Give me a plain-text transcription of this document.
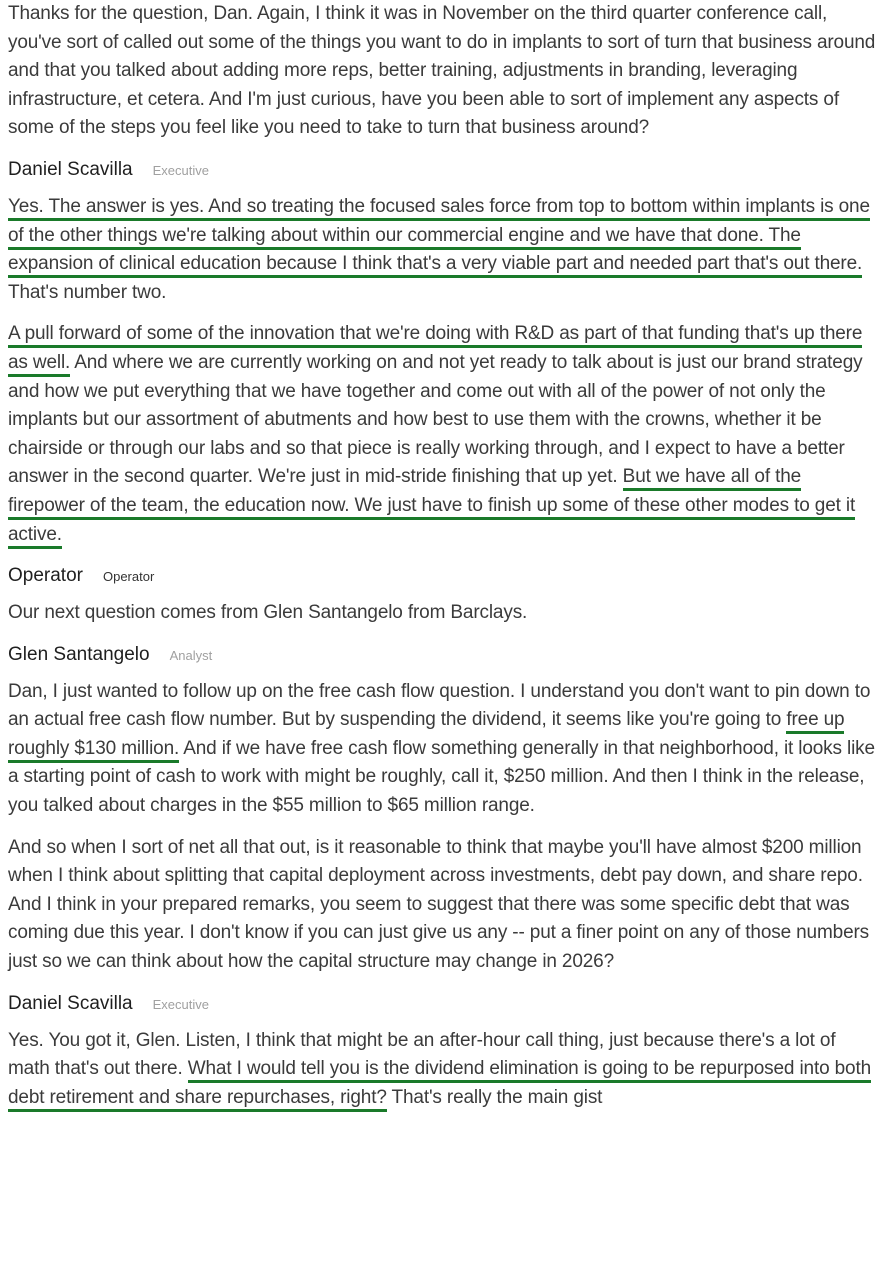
Thanks for the question, Dan. Again, I think it was in November on the third quarter conference call, you've sort of called out some of the things you want to do in implants to sort of turn that business around and that you talked about adding more reps, better training, adjustments in branding, leveraging infrastructure, et cetera. And I'm just curious, have you been able to sort of implement any aspects of some of the steps you feel like you need to take to turn that business around?

Daniel Scavilla Executive

Yes. The answer is yes. And so treating the focused sales force from top to bottom within implants is one of the other things we're talking about within our commercial engine and we have that done. The expansion of clinical education because I think that's a very viable part and needed part that's out there. That's number two.

A pull forward of some of the innovation that we're doing with R&D as part of that funding that's up there as well. And where we are currently working on and not yet ready to talk about is just our brand strategy and how we put everything that we have together and come out with all of the power of not only the implants but our assortment of abutments and how best to use them with the crowns, whether it be chairside or through our labs and so that piece is really working through, and I expect to have a better answer in the second quarter. We're just in mid-stride finishing that up yet. But we have all of the firepower of the team, the education now. We just have to finish up some of these other modes to get it active.

Operator Operator

Our next question comes from Glen Santangelo from Barclays.

Glen Santangelo Analyst

Dan, I just wanted to follow up on the free cash flow question. I understand you don't want to pin down to an actual free cash flow number. But by suspending the dividend, it seems like you're going to free up roughly $130 million. And if we have free cash flow something generally in that neighborhood, it looks like a starting point of cash to work with might be roughly, call it, $250 million. And then I think in the release, you talked about charges in the $55 million to $65 million range.

And so when I sort of net all that out, is it reasonable to think that maybe you'll have almost $200 million when I think about splitting that capital deployment across investments, debt pay down, and share repo. And I think in your prepared remarks, you seem to suggest that there was some specific debt that was coming due this year. I don't know if you can just give us any -- put a finer point on any of those numbers just so we can think about how the capital structure may change in 2026?

Daniel Scavilla Executive

Yes. You got it, Glen. Listen, I think that might be an after-hour call thing, just because there's a lot of math that's out there. What I would tell you is the dividend elimination is going to be repurposed into both debt retirement and share repurchases, right? That's really the main gist
